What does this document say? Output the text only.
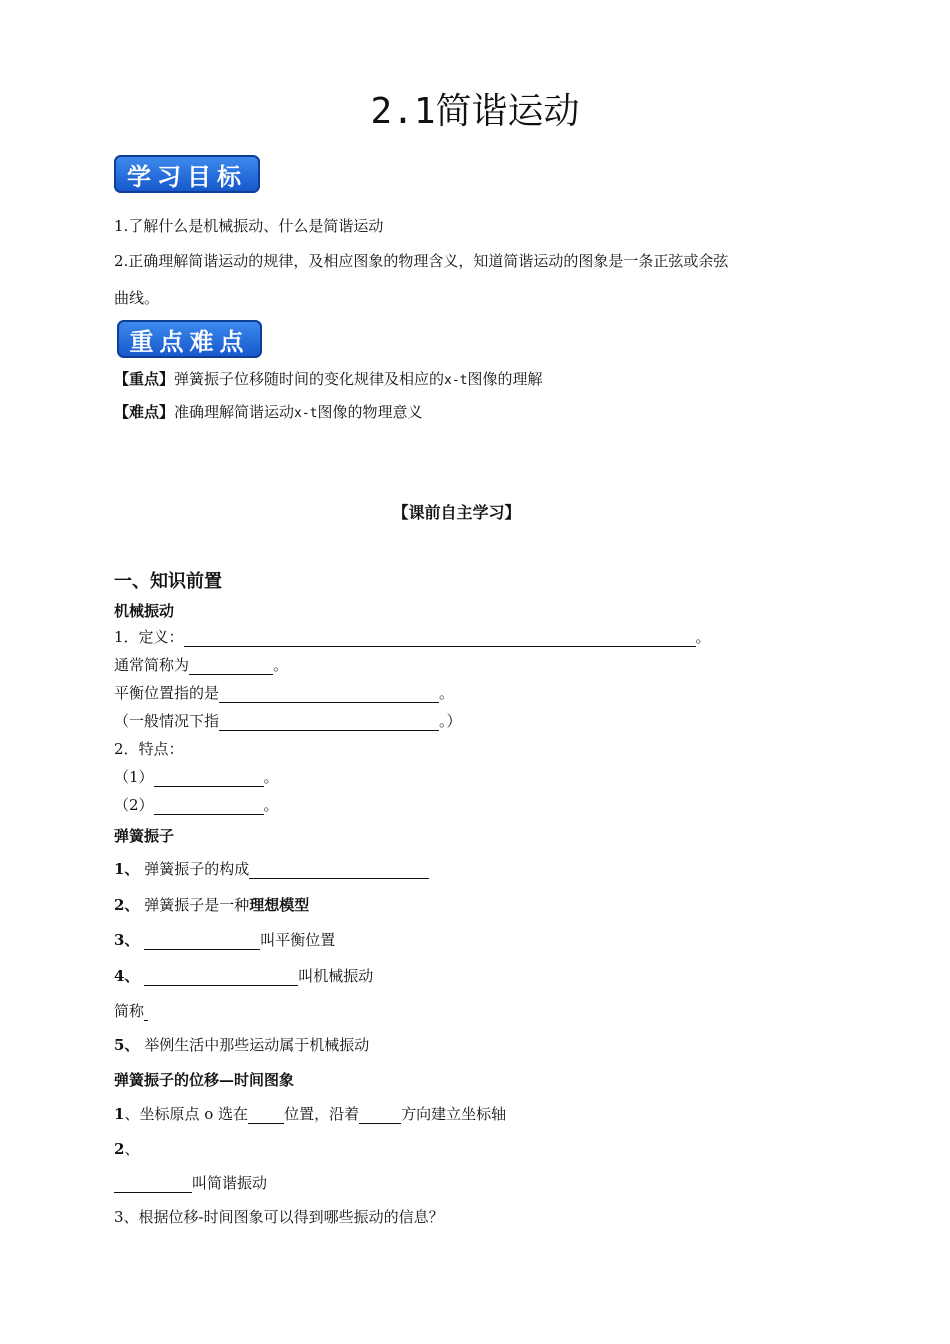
2.1简谐运动
学习目标
1.了解什么是机械振动、什么是简谐运动
2.正确理解简谐运动的规律，及相应图象的物理含义，知道简谐运动的图象是一条正弦或余弦
曲线。
重点难点
【重点】弹簧振子位移随时间的变化规律及相应的x-t图像的理解
【难点】准确理解简谐运动x-t图像的物理意义
【课前自主学习】
一、知识前置
机械振动
1．定义：	。
通常简称为	。
平衡位置指的是	。
（一般情况下指	。）
2．特点：
（1）	。
（2）	。
弹簧振子
1、 弹簧振子的构成
2、 弹簧振子是一种理想模型
3、	叫平衡位置
4、	叫机械振动
简称
5、 举例生活中那些运动属于机械振动
弹簧振子的位移—时间图象
1、坐标原点 o 选在 位置，沿着	方向建立坐标轴
2、
叫简谐振动
3、根据位移-时间图象可以得到哪些振动的信息？
